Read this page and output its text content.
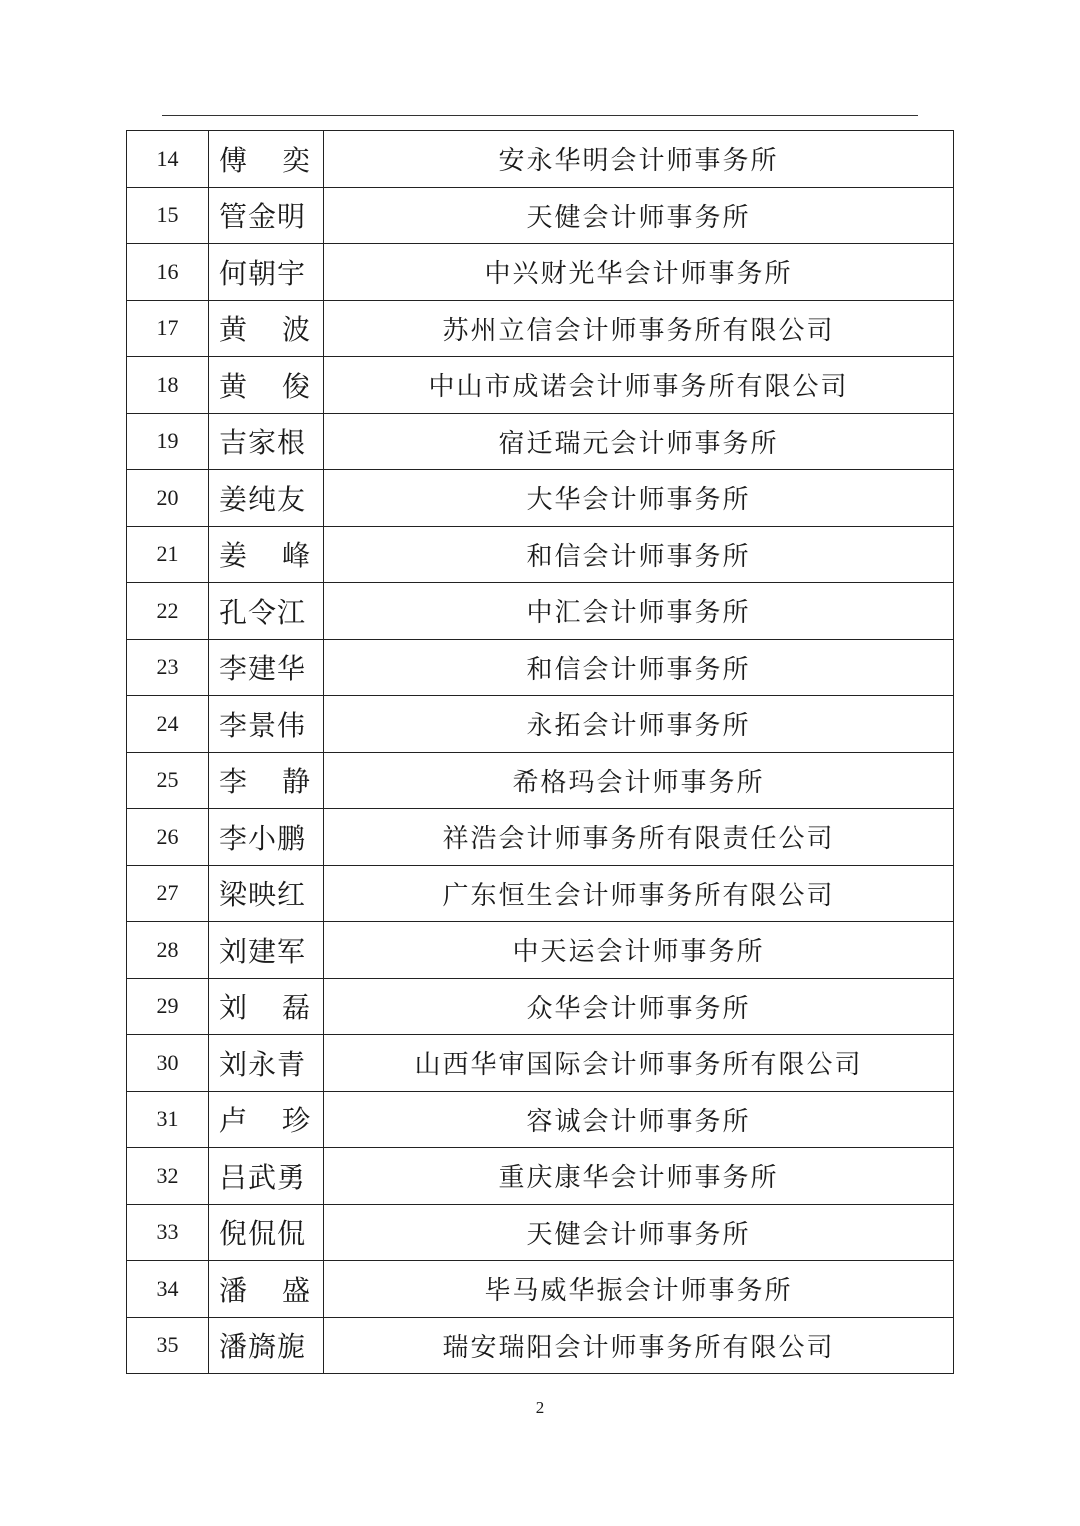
14	傅奕	安永华明会计师事务所
15	管金明	天健会计师事务所
16	何朝宇	中兴财光华会计师事务所
17	黄波	苏州立信会计师事务所有限公司
18	黄俊	中山市成诺会计师事务所有限公司
19	吉家根	宿迁瑞元会计师事务所
20	姜纯友	大华会计师事务所
21	姜峰	和信会计师事务所
22	孔令江	中汇会计师事务所
23	李建华	和信会计师事务所
24	李景伟	永拓会计师事务所
25	李静	希格玛会计师事务所
26	李小鹏	祥浩会计师事务所有限责任公司
27	梁映红	广东恒生会计师事务所有限公司
28	刘建军	中天运会计师事务所
29	刘磊	众华会计师事务所
30	刘永青	山西华审国际会计师事务所有限公司
31	卢珍	容诚会计师事务所
32	吕武勇	重庆康华会计师事务所
33	倪侃侃	天健会计师事务所
34	潘盛	毕马威华振会计师事务所
35	潘旖旎	瑞安瑞阳会计师事务所有限公司
2
